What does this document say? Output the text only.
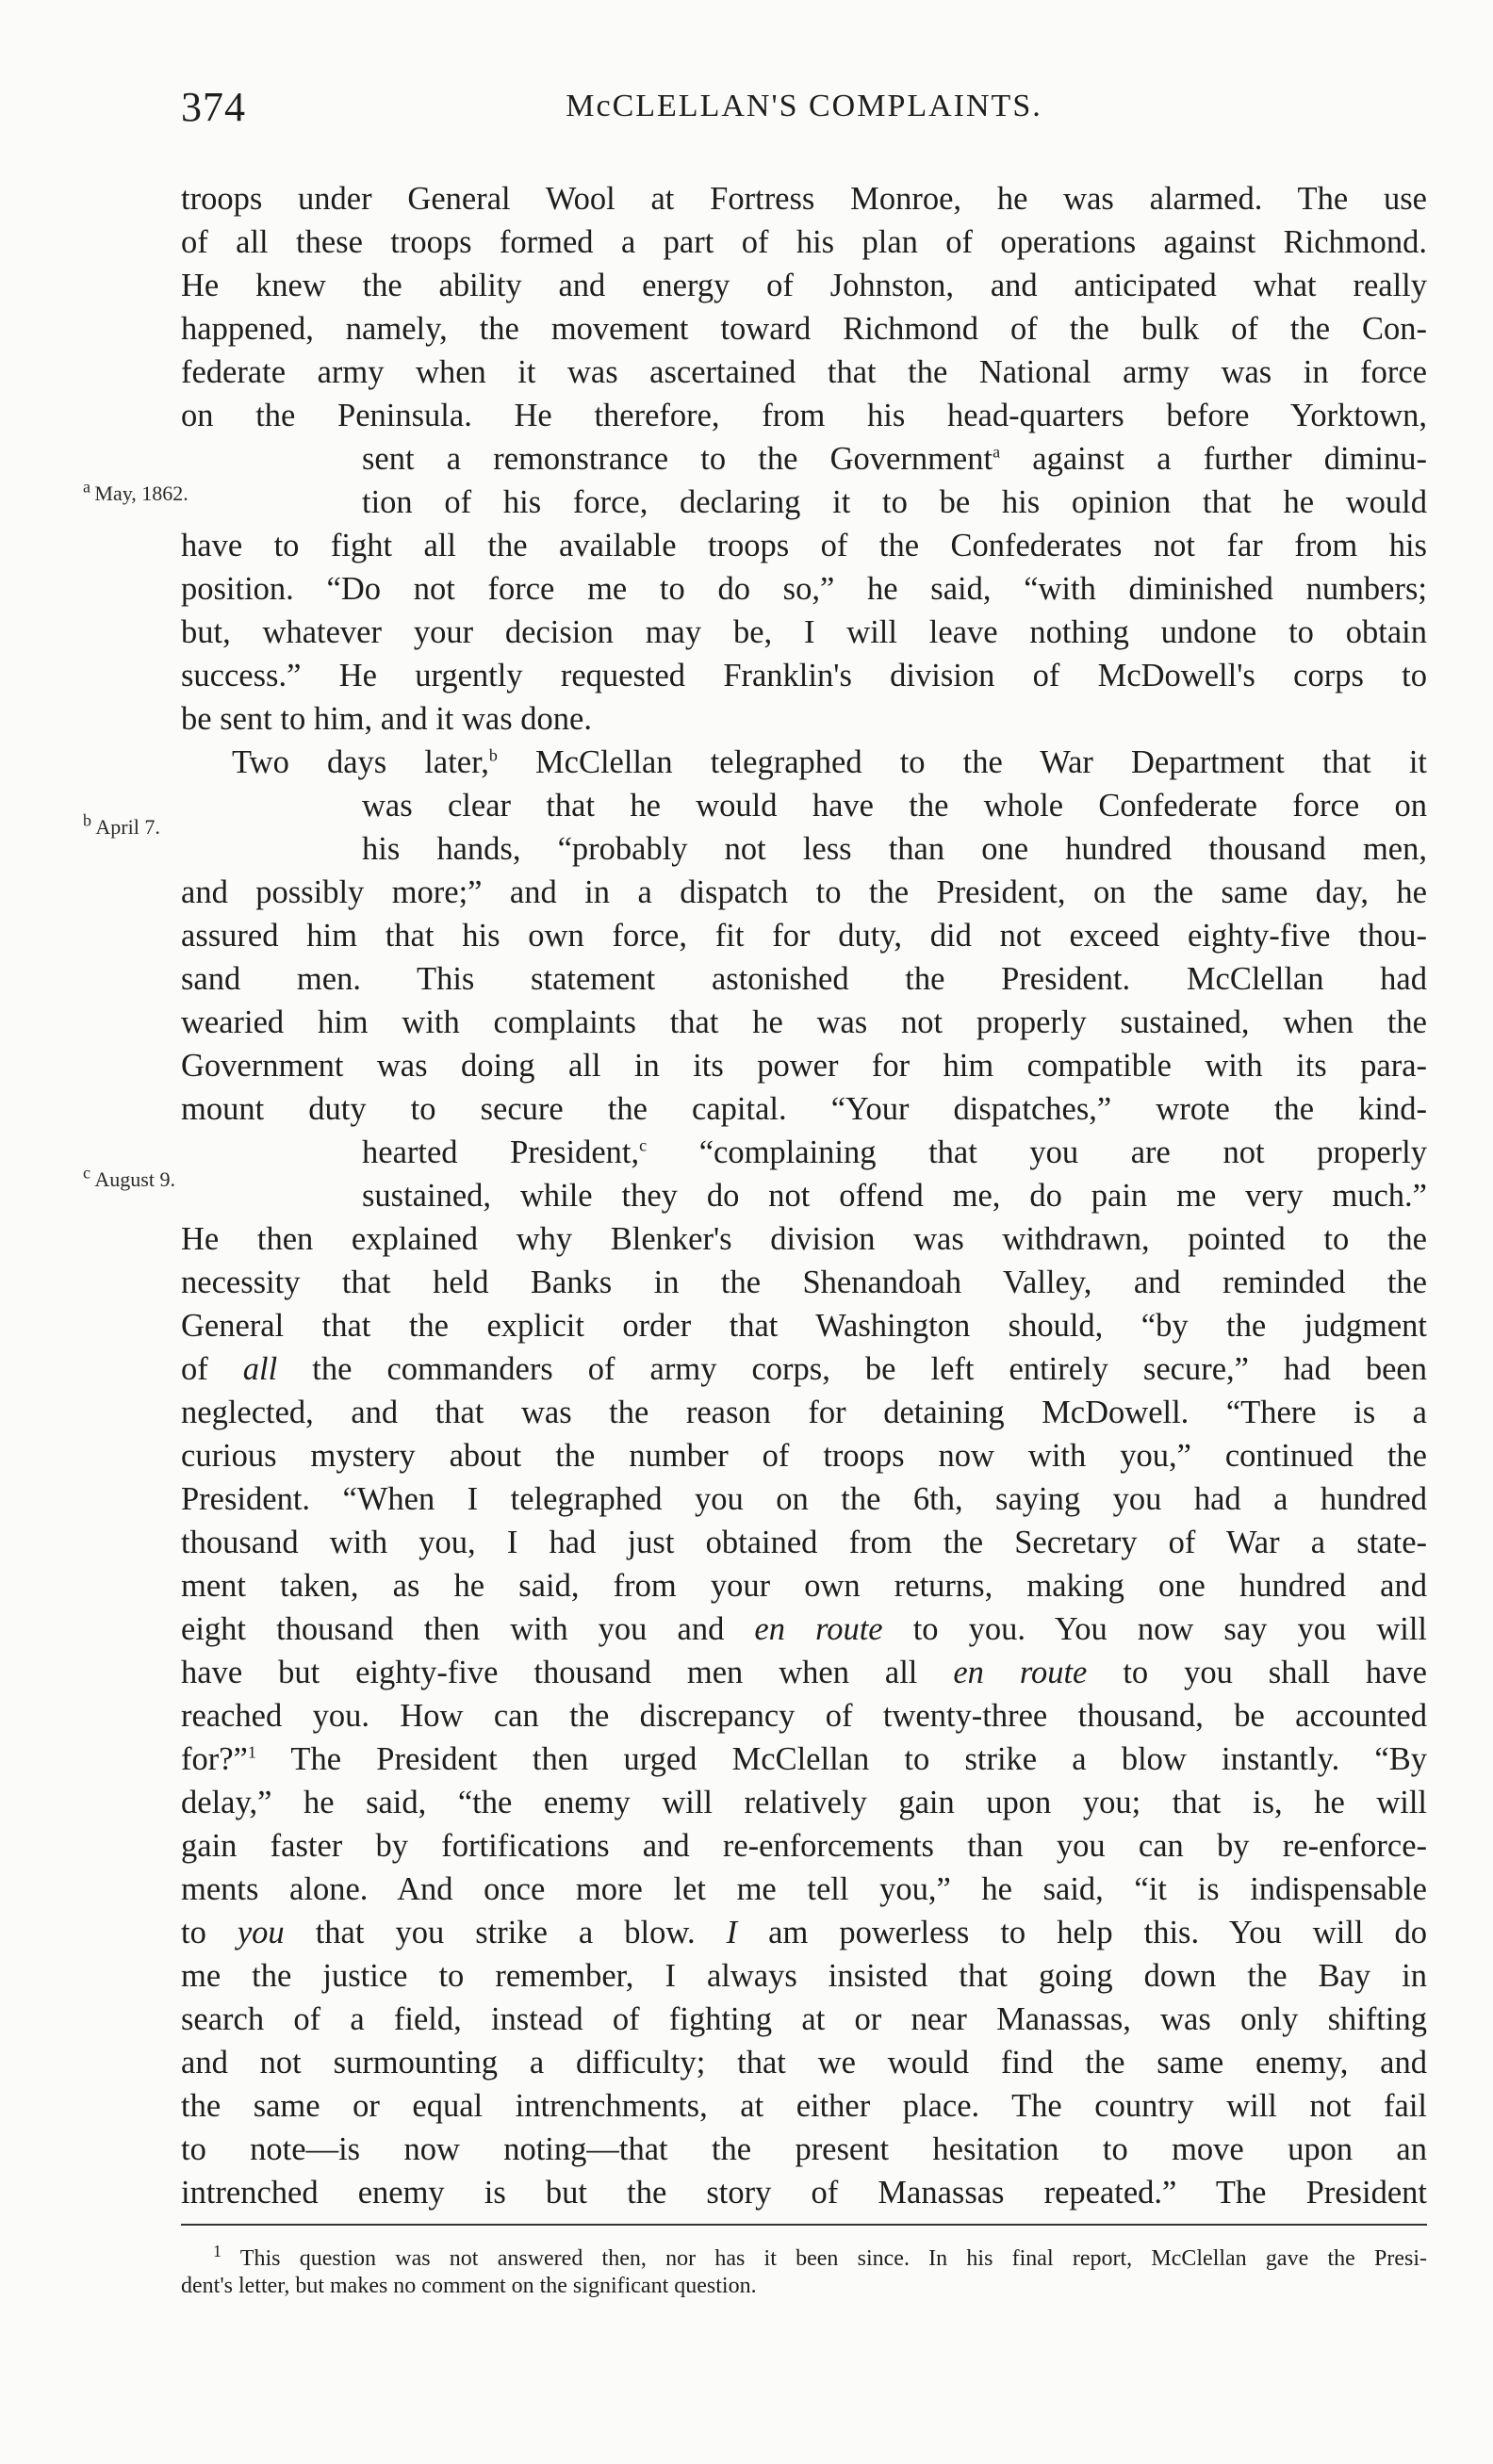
374	McCLELLAN'S COMPLAINTS.
$^a$  May, 1862.
$^b$  April 7.
$^c$  August 9.
troops under General Wool at Fortress Monroe, he was alarmed. The use
of all these troops formed a part of his plan of operations against Richmond.
He knew the ability and energy of Johnston, and anticipated what really
happened, namely, the movement toward Richmond of the bulk of the Con-
federate army when it was ascertained that the National army was in force
on the Peninsula. He therefore, from his head-quarters before Yorktown,
sent a remonstrance to the Government$^a$ against a further diminu-
tion of his force, declaring it to be his opinion that he would
have to fight all the available troops of the Confederates not far from his
position. “Do not force me to do so,” he said, “with diminished numbers;
but, whatever your decision may be, I will leave nothing undone to obtain
success.” He urgently requested Franklin's division of McDowell's corps to
be sent to him, and it was done.
Two days later,$^b$ McClellan telegraphed to the War Department that it
was clear that he would have the whole Confederate force on
his hands, “probably not less than one hundred thousand men,
and possibly more;” and in a dispatch to the President, on the same day, he
assured him that his own force, fit for duty, did not exceed eighty-five thou-
sand men. This statement astonished the President. McClellan had
wearied him with complaints that he was not properly sustained, when the
Government was doing all in its power for him compatible with its para-
mount duty to secure the capital. “Your dispatches,” wrote the kind-
hearted President,$^c$ “complaining that you are not properly
sustained, while they do not offend me, do pain me very much.”
He then explained why Blenker's division was withdrawn, pointed to the
necessity that held Banks in the Shenandoah Valley, and reminded the
General that the explicit order that Washington should, “by the judgment
of all the commanders of army corps, be left entirely secure,” had been
neglected, and that was the reason for detaining McDowell. “There is a
curious mystery about the number of troops now with you,” continued the
President. “When I telegraphed you on the 6th, saying you had a hundred
thousand with you, I had just obtained from the Secretary of War a state-
ment taken, as he said, from your own returns, making one hundred and
eight thousand then with you and en route to you. You now say you will
have but eighty-five thousand men when all en route to you shall have
reached you. How can the discrepancy of twenty-three thousand, be accounted
for?”$^1$ The President then urged McClellan to strike a blow instantly. “By
delay,” he said, “the enemy will relatively gain upon you; that is, he will
gain faster by fortifications and re-enforcements than you can by re-enforce-
ments alone. And once more let me tell you,” he said, “it is indispensable
to you that you strike a blow. I am powerless to help this. You will do
me the justice to remember, I always insisted that going down the Bay in
search of a field, instead of fighting at or near Manassas, was only shifting
and not surmounting a difficulty; that we would find the same enemy, and
the same or equal intrenchments, at either place. The country will not fail
to note—is now noting—that the present hesitation to move upon an
intrenched enemy is but the story of Manassas repeated.” The President
$^1$ This question was not answered then, nor has it been since. In his final report, McClellan gave the Presi-
dent's letter, but makes no comment on the significant question.
